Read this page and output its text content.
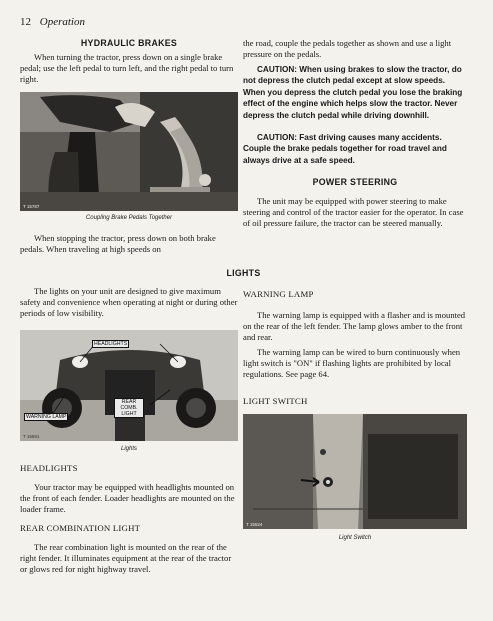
12 Operation
HYDRAULIC BRAKES

When turning the tractor, press down on a single brake pedal; use the left pedal to turn left, and the right pedal to turn right.

T 15787
Coupling Brake Pedals Together

When stopping the tractor, press down on both brake pedals. When traveling at high speeds on

the road, couple the pedals together as shown and use a light pressure on the pedals.

CAUTION: When using brakes to slow the tractor, do not depress the clutch pedal except at slow speeds. When you depress the clutch pedal you lose the braking effect of the engine which helps slow the tractor. Never depress the clutch pedal while driving downhill.

CAUTION: Fast driving causes many accidents. Couple the brake pedals together for road travel and always drive at a safe speed.

POWER STEERING

The unit may be equipped with power steering to make steering and control of the tractor easier for the operator. In case of oil pressure failure, the tractor can be steered manually.

LIGHTS

The lights on your unit are designed to give maximum safety and convenience when operating at night or during other periods of low visibility.

HEADLIGHTS
REAR COMB. LIGHT
WARNING LAMP
T 15881
Lights
HEADLIGHTS

Your tractor may be equipped with headlights mounted on the front of each fender. Loader headlights are mounted on the loader frame.

REAR COMBINATION LIGHT

The rear combination light is mounted on the rear of the right fender. It illuminates equipment at the rear of the tractor or glows red for night highway travel.

WARNING LAMP

The warning lamp is equipped with a flasher and is mounted on the rear of the left fender. The lamp glows amber to the front and rear.

The warning lamp can be wired to burn continuously when light switch is "ON" if flashing lights are prohibited by local regulations. See page 64.

LIGHT SWITCH
T 15524
Light Switch
